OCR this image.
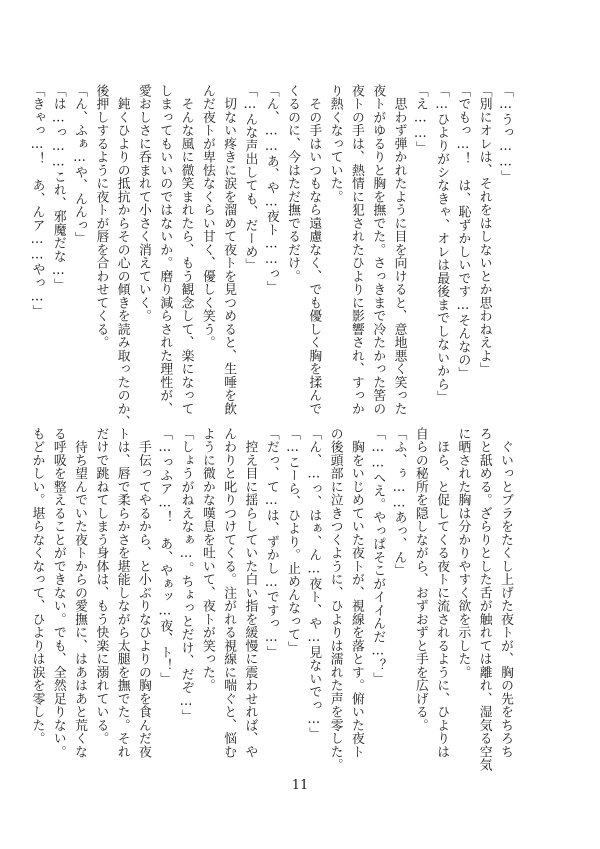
「…うっ……」
「別にオレは、それをはしないとか思わねえよ」
「でもっ…！　は、恥ずかしいです…そんなの」
「…ひよりがシなきゃ、オレは最後までしないから」
「え……」
　思わず弾かれたように目を向けると、意地悪く笑った
夜トがゆるりと胸を撫でた。さっきまで冷たかった筈の
夜トの手は、熱情に犯されたひよりに影響され、すっか
り熱くなっていた。
　その手はいつもなら遠慮なく、でも優しく胸を揉んで
くるのに、今はただ撫でるだけ。
「ん、……あ、や…夜ト……っ」
「…んな声出しても、だーめ」
　切ない疼きに涙を溜めて夜トを見つめると、生唾を飲
んだ夜トが卑怯なくらい甘く、優しく笑う。
　そんな風に微笑まれたら、もう観念して、楽になって
しまってもいいのではないか。磨り減らされた理性が、
愛おしさに呑まれて小さく消えていく。
　鈍くひよりの抵抗からその心の傾きを読み取ったのか、
後押しするように夜トが唇を合わせてくる。
「ん、ふぁ…や、んんっ」
「は…っ……これ、邪魔だな…」
「きゃっ…！　あ、んア……やっ…」
　ぐいっとブラをたくし上げた夜トが、胸の先をちろち
ろと舐める。ざらりとした舌が触れては離れ、湿気る空気
に晒された胸は分かりやすく欲を示した。
　ほら、と促してくる夜トに流されるように、ひよりは
自らの秘所を隠しながら、おずおずと手を広げる。
「ふ、ぅ……あっ、ん」
「……へえ。やっぱそこがイイんだ…？」
　胸をいじめていた夜トが、視線を落とす。俯いた夜ト
の後頭部に泣きつくように、ひよりは濡れた声を零した。
「ん、…っ、はぁ、ん…夜ト、や…見ないでっ…」
「…こーら、ひより。止めんなって」
「だっ、て…は、ずかし…ですっ…」
　控え目に揺らしていた白い指を緩慢に震わせれば、や
んわりと叱りつけてくる。注がれる視線に喘ぐと、悩む
ように微かな嘆息を吐いて、夜トが笑った。
「しょうがねえなぁ…。ちょっとだけ、だぞ…」
「…っふア…！　あ、やぁッ…夜、ト！」
　手伝ってやるから、と小ぶりなひよりの胸を食んだ夜
トは、唇で柔らかさを堪能しながら太腿を撫でた。それ
だけで跳ねてしまう身体は、もう快楽に溺れている。
　待ち望んでいた夜トからの愛撫に、はあはあと荒くな
る呼吸を整えることができない。でも、全然足りない。
もどかしい。堪らなくなって、ひよりは涙を零した。
11
